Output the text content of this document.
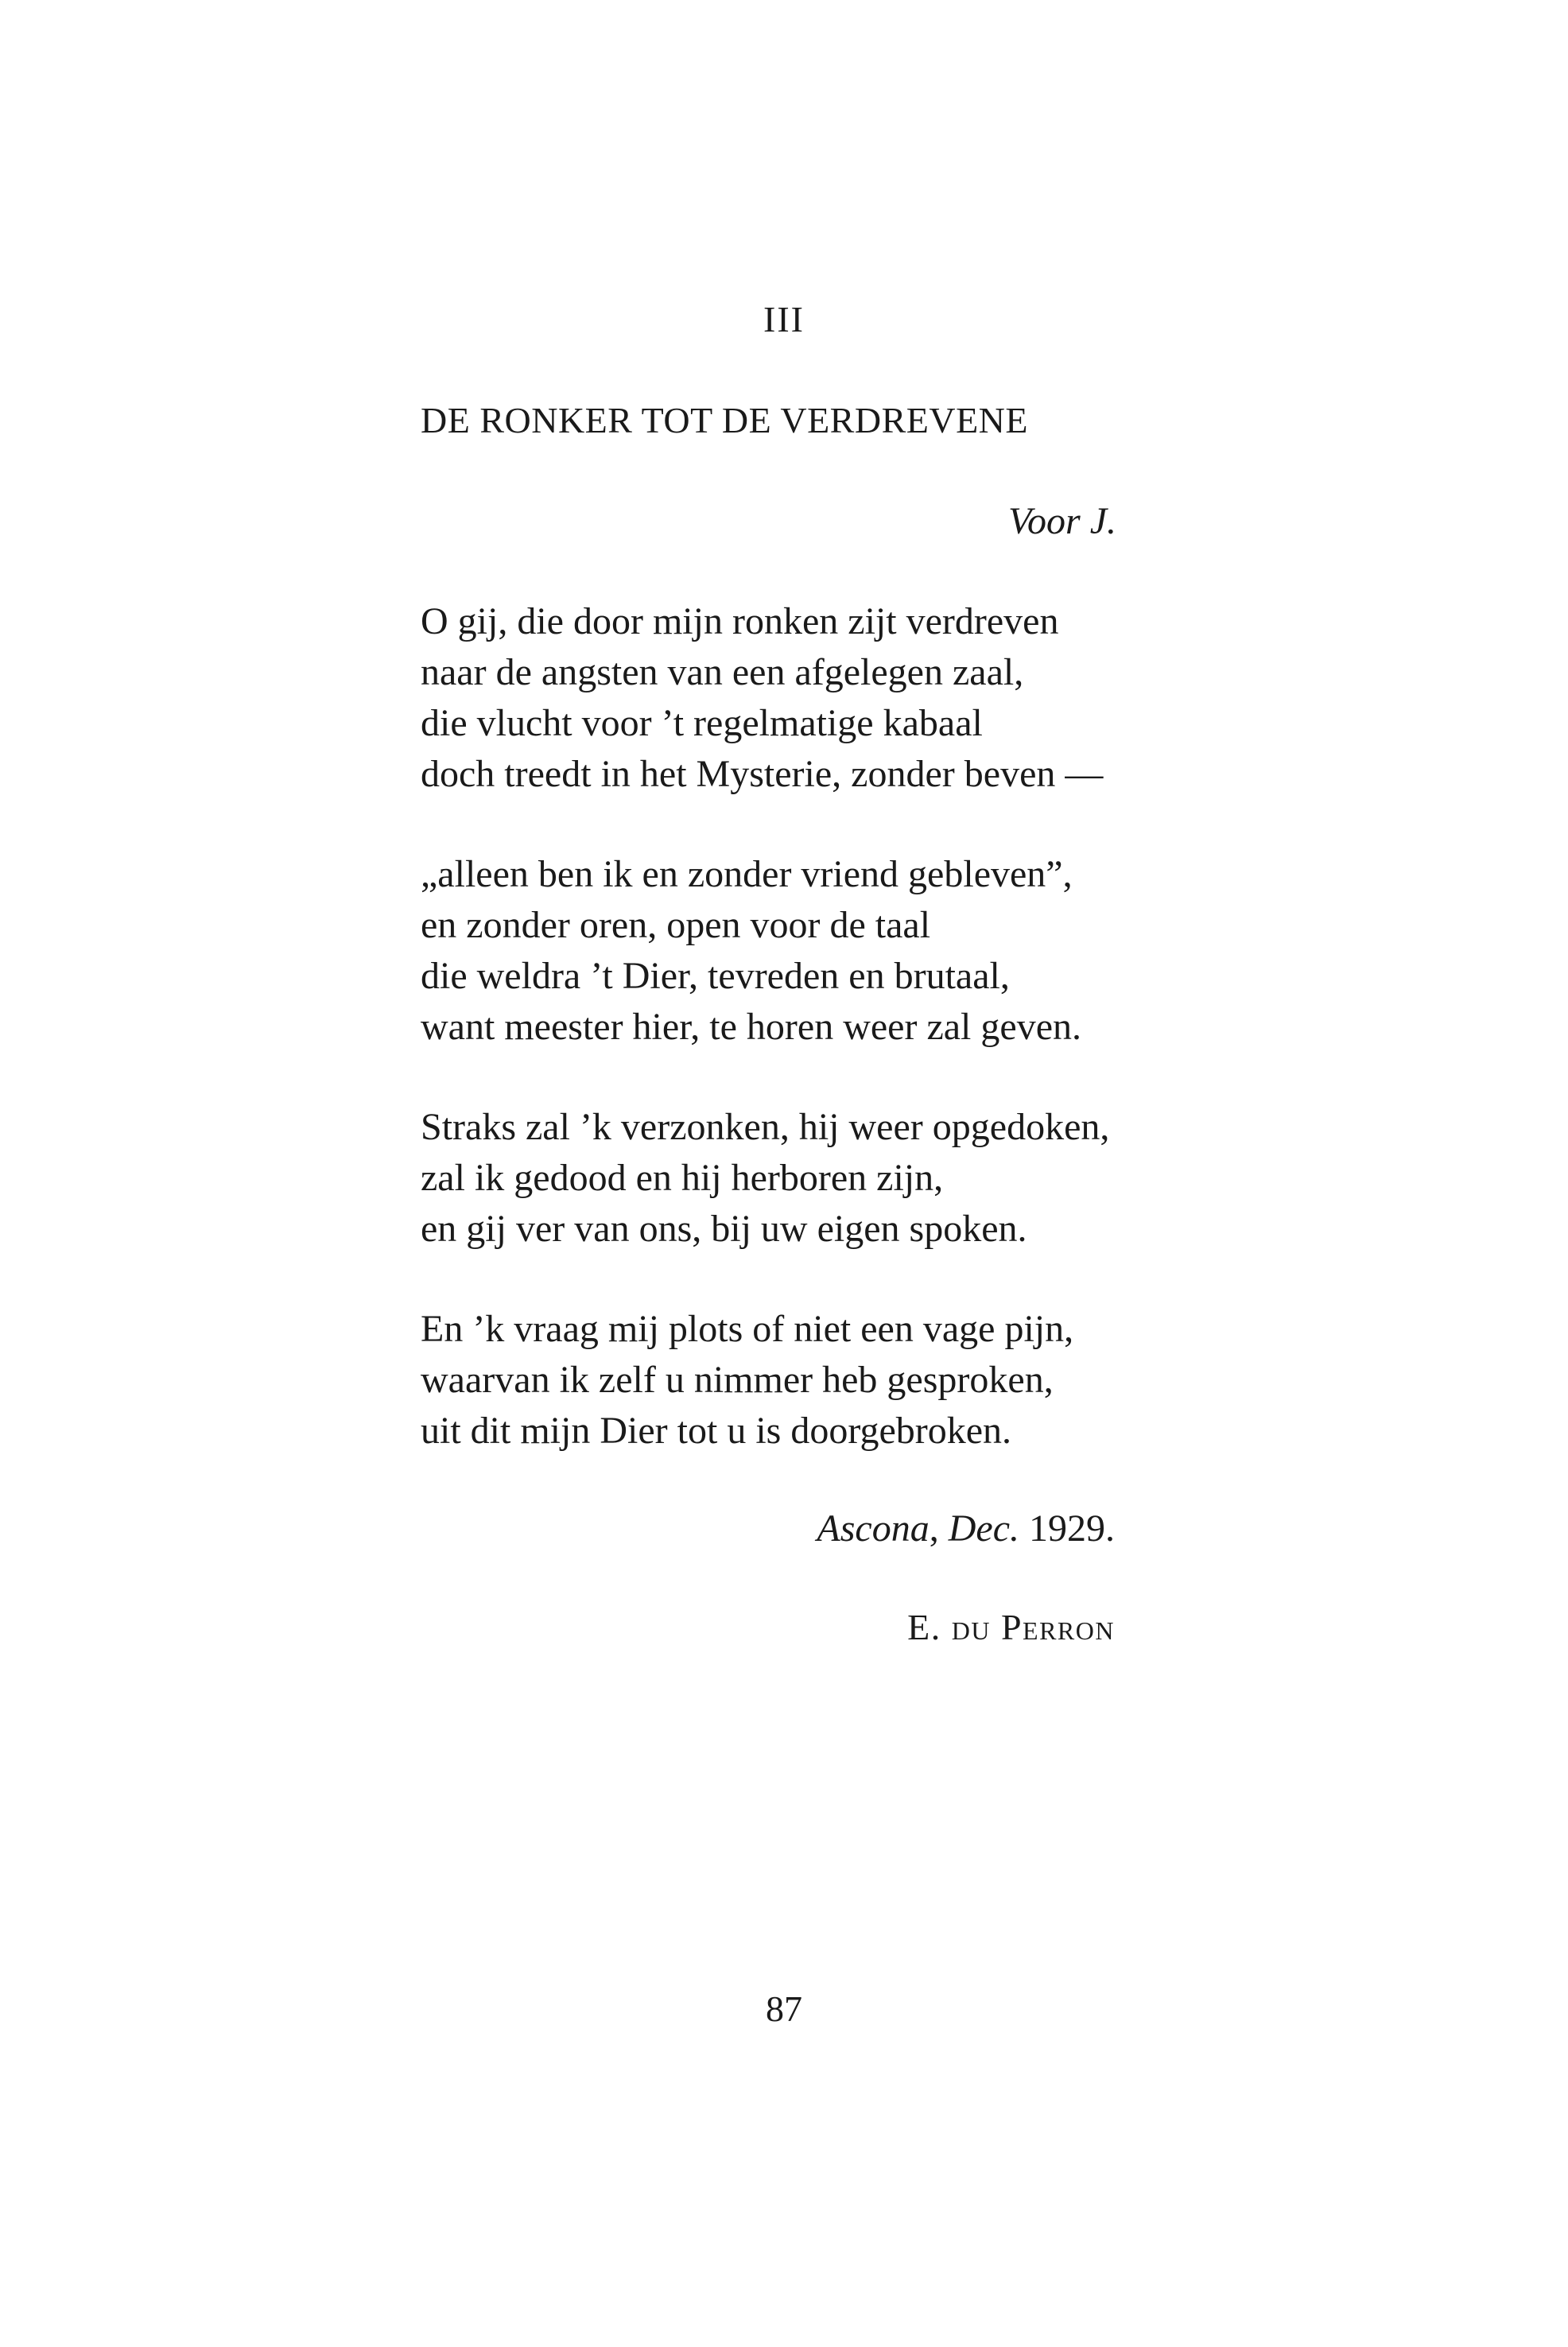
III
DE RONKER TOT DE VERDREVENE
Voor J.
O gij, die door mijn ronken zijt verdreven
naar de angsten van een afgelegen zaal,
die vlucht voor ’t regelmatige kabaal
doch treedt in het Mysterie, zonder beven —
„alleen ben ik en zonder vriend gebleven”,
en zonder oren, open voor de taal
die weldra ’t Dier, tevreden en brutaal,
want meester hier, te horen weer zal geven.
Straks zal ’k verzonken, hij weer opgedoken,
zal ik gedood en hij herboren zijn,
en gij ver van ons, bij uw eigen spoken.
En ’k vraag mij plots of niet een vage pijn,
waarvan ik zelf u nimmer heb gesproken,
uit dit mijn Dier tot u is doorgebroken.
Ascona, Dec. 1929.
E. du Perron
87
